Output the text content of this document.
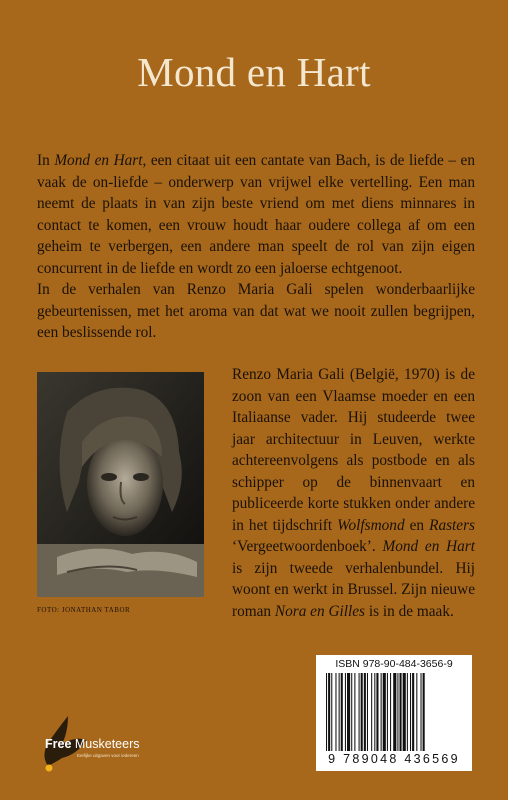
Mond en Hart

In Mond en Hart, een citaat uit een cantate van Bach, is de liefde – en vaak de on-liefde – onderwerp van vrijwel elke vertelling. Een man neemt de plaats in van zijn beste vriend om met diens minnares in contact te komen, een vrouw houdt haar oudere collega af om een geheim te verbergen, een andere man speelt de rol van zijn eigen concurrent in de liefde en wordt zo een jaloerse echtgenoot.

In de verhalen van Renzo Maria Gali spelen wonderbaarlijke gebeurtenissen, met het aroma van dat wat we nooit zullen begrijpen, een beslissende rol.

FOTO: JONATHAN TABOR
Renzo Maria Gali (België, 1970) is de zoon van een Vlaamse moeder en een Italiaanse vader. Hij studeerde twee jaar architectuur in Leuven, werkte achtereenvolgens als postbode en als schipper op de binnenvaart en publiceerde korte stukken onder andere in het tijdschrift Wolfsmond en Rasters ‘Vergeetwoordenboek’. Mond en Hart is zijn tweede verhalenbundel. Hij woont en werkt in Brussel. Zijn nieuwe roman Nora en Gilles is in de maak.
ISBN 978-90-484-3656-9
9 789048 436569
Free Musketeers
Eerlijke uitgaven voor iedereen
